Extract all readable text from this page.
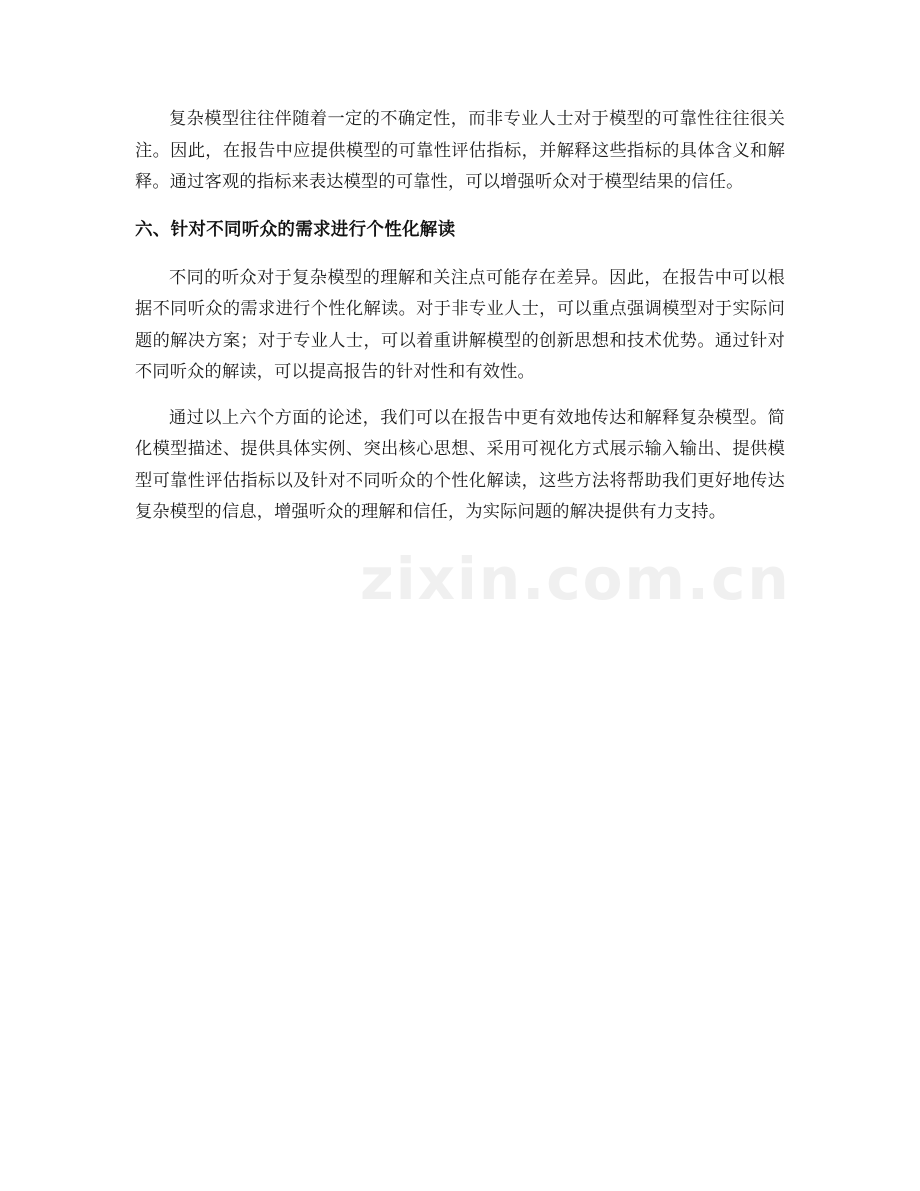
zixin.com.cn

复杂模型往往伴随着一定的不确定性，而非专业人士对于模型的可靠性往往很关注。因此，在报告中应提供模型的可靠性评估指标，并解释这些指标的具体含义和解释。通过客观的指标来表达模型的可靠性，可以增强听众对于模型结果的信任。

六、针对不同听众的需求进行个性化解读

不同的听众对于复杂模型的理解和关注点可能存在差异。因此，在报告中可以根据不同听众的需求进行个性化解读。对于非专业人士，可以重点强调模型对于实际问题的解决方案；对于专业人士，可以着重讲解模型的创新思想和技术优势。通过针对不同听众的解读，可以提高报告的针对性和有效性。

通过以上六个方面的论述，我们可以在报告中更有效地传达和解释复杂模型。简化模型描述、提供具体实例、突出核心思想、采用可视化方式展示输入输出、提供模型可靠性评估指标以及针对不同听众的个性化解读，这些方法将帮助我们更好地传达复杂模型的信息，增强听众的理解和信任，为实际问题的解决提供有力支持。
